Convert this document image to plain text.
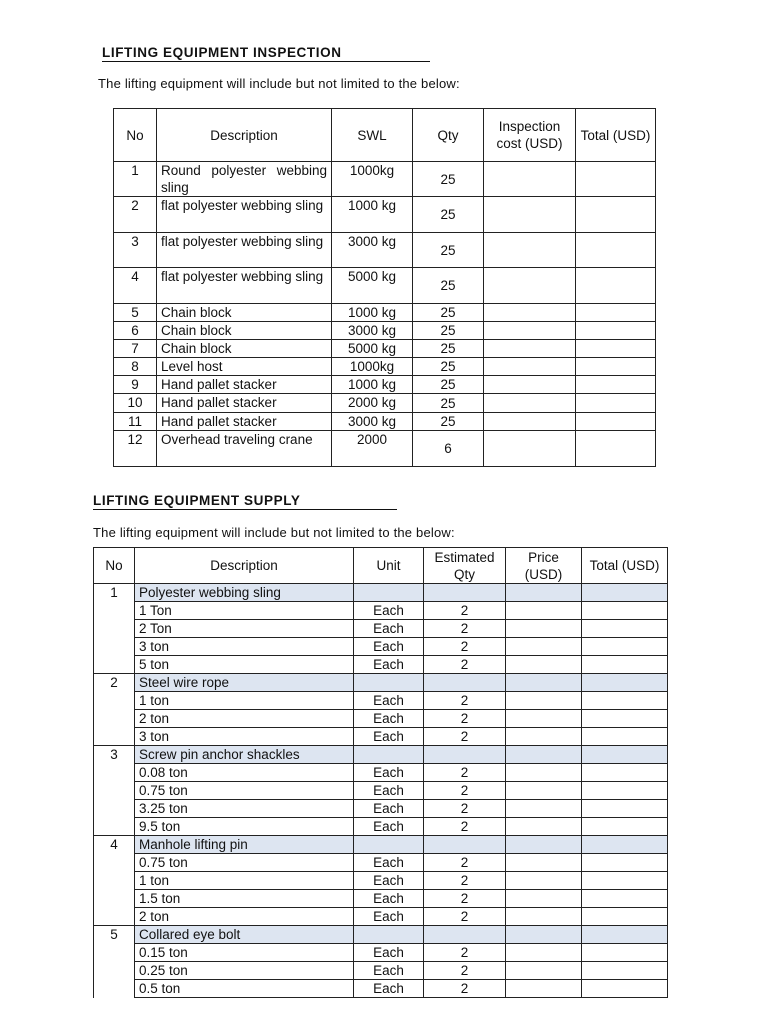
LIFTING EQUIPMENT INSPECTION
The lifting equipment will include but not limited to the below:
No	Description	SWL	Qty	Inspection cost (USD)	Total (USD)
1	Round polyester webbing sling	1000kg	25		
2	flat polyester webbing sling	1000 kg	25		
3	flat polyester webbing sling	3000 kg	25		
4	flat polyester webbing sling	5000 kg	25		
5	Chain block	1000 kg	25		
6	Chain block	3000 kg	25		
7	Chain block	5000 kg	25		
8	Level host	1000kg	25		
9	Hand pallet stacker	1000 kg	25		
10	Hand pallet stacker	2000 kg	25		
11	Hand pallet stacker	3000 kg	25		
12	Overhead traveling crane	2000	6		
LIFTING EQUIPMENT SUPPLY
The lifting equipment will include but not limited to the below:
No	Description	Unit	Estimated Qty	Price (USD)	Total (USD)
1	Polyester webbing sling				
	1 Ton	Each	2		
	2 Ton	Each	2		
	3 ton	Each	2		
	5 ton	Each	2		
2	Steel wire rope				
	1 ton	Each	2		
	2 ton	Each	2		
	3 ton	Each	2		
3	Screw pin anchor shackles				
	0.08 ton	Each	2		
	0.75 ton	Each	2		
	3.25 ton	Each	2		
	9.5 ton	Each	2		
4	Manhole lifting pin				
	0.75 ton	Each	2		
	1 ton	Each	2		
	1.5 ton	Each	2		
	2 ton	Each	2		
5	Collared eye bolt				
	0.15 ton	Each	2		
	0.25 ton	Each	2		
	0.5 ton	Each	2		
